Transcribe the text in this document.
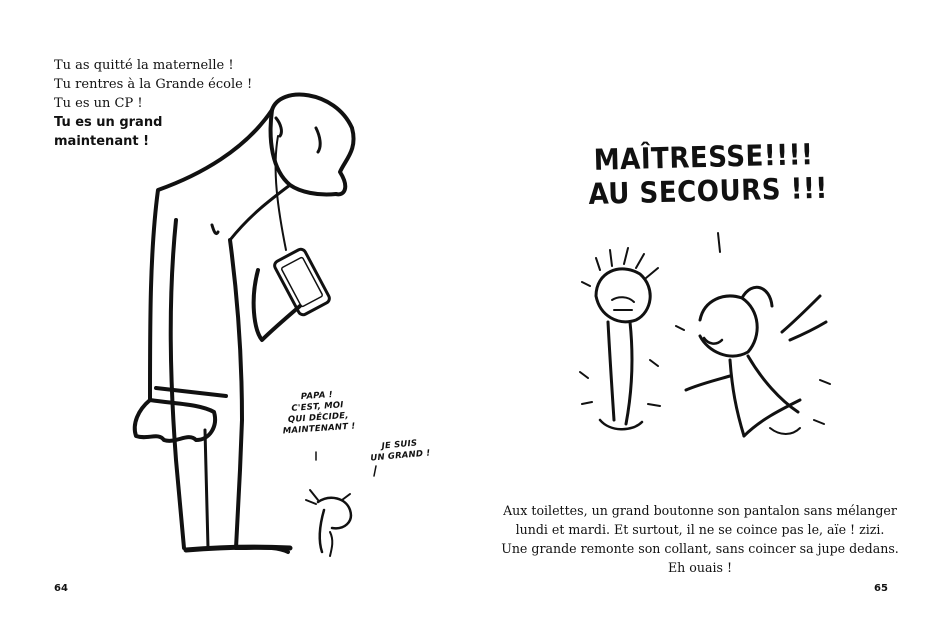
Tu as quitté la maternelle !
Tu rentres à la Grande école !
Tu es un CP !
Tu es un grand
maintenant !
PAPA !
C'EST, MOI
QUI DÉCIDE,
MAINTENANT !
JE SUIS
UN GRAND !
64
MAÎTRESSE!!!!
AU SECOURS !!!
Aux toilettes, un grand boutonne son pantalon sans mélanger
lundi et mardi. Et surtout, il ne se coince pas le, aïe ! zizi.
Une grande remonte son collant, sans coincer sa jupe dedans.
Eh ouais !
65
